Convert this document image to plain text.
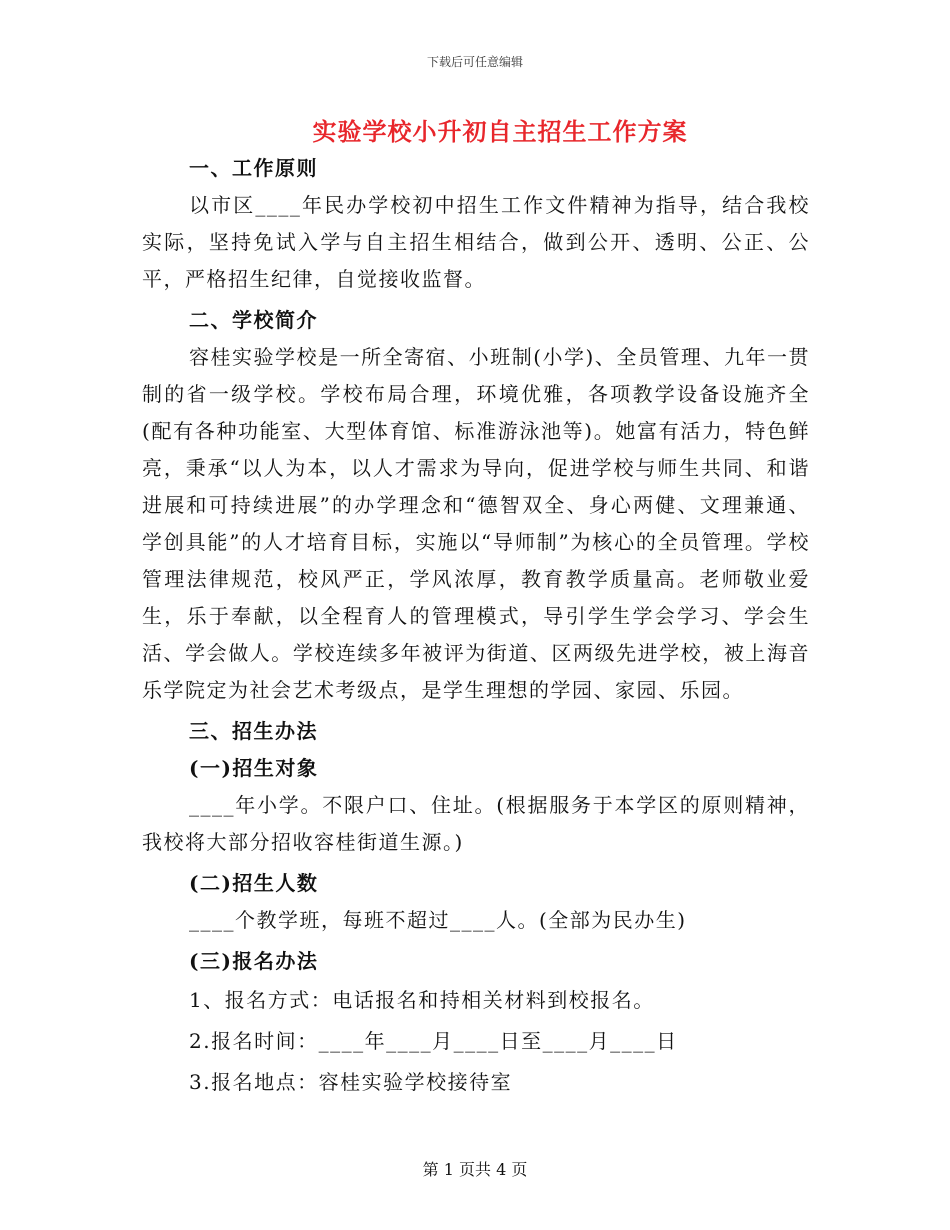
下载后可任意编辑
实验学校小升初自主招生工作方案

一、工作原则

以市区____年民办学校初中招生工作文件精神为指导，结合我校实际，坚持免试入学与自主招生相结合，做到公开、透明、公正、公平，严格招生纪律，自觉接收监督。

二、学校简介

容桂实验学校是一所全寄宿、小班制(小学)、全员管理、九年一贯制的省一级学校。学校布局合理，环境优雅，各项教学设备设施齐全(配有各种功能室、大型体育馆、标准游泳池等)。她富有活力，特色鲜亮，秉承“以人为本，以人才需求为导向，促进学校与师生共同、和谐进展和可持续进展”的办学理念和“德智双全、身心两健、文理兼通、学创具能”的人才培育目标，实施以“导师制”为核心的全员管理。学校管理法律规范，校风严正，学风浓厚，教育教学质量高。老师敬业爱生，乐于奉献，以全程育人的管理模式，导引学生学会学习、学会生活、学会做人。学校连续多年被评为街道、区两级先进学校，被上海音乐学院定为社会艺术考级点，是学生理想的学园、家园、乐园。

三、招生办法

(一)招生对象

____年小学。不限户口、住址。(根据服务于本学区的原则精神，我校将大部分招收容桂街道生源。)

(二)招生人数

____个教学班，每班不超过____人。(全部为民办生)

(三)报名办法

1、报名方式：电话报名和持相关材料到校报名。

2.报名时间：____年____月____日至____月____日

3.报名地点：容桂实验学校接待室

第 1 页共 4 页
